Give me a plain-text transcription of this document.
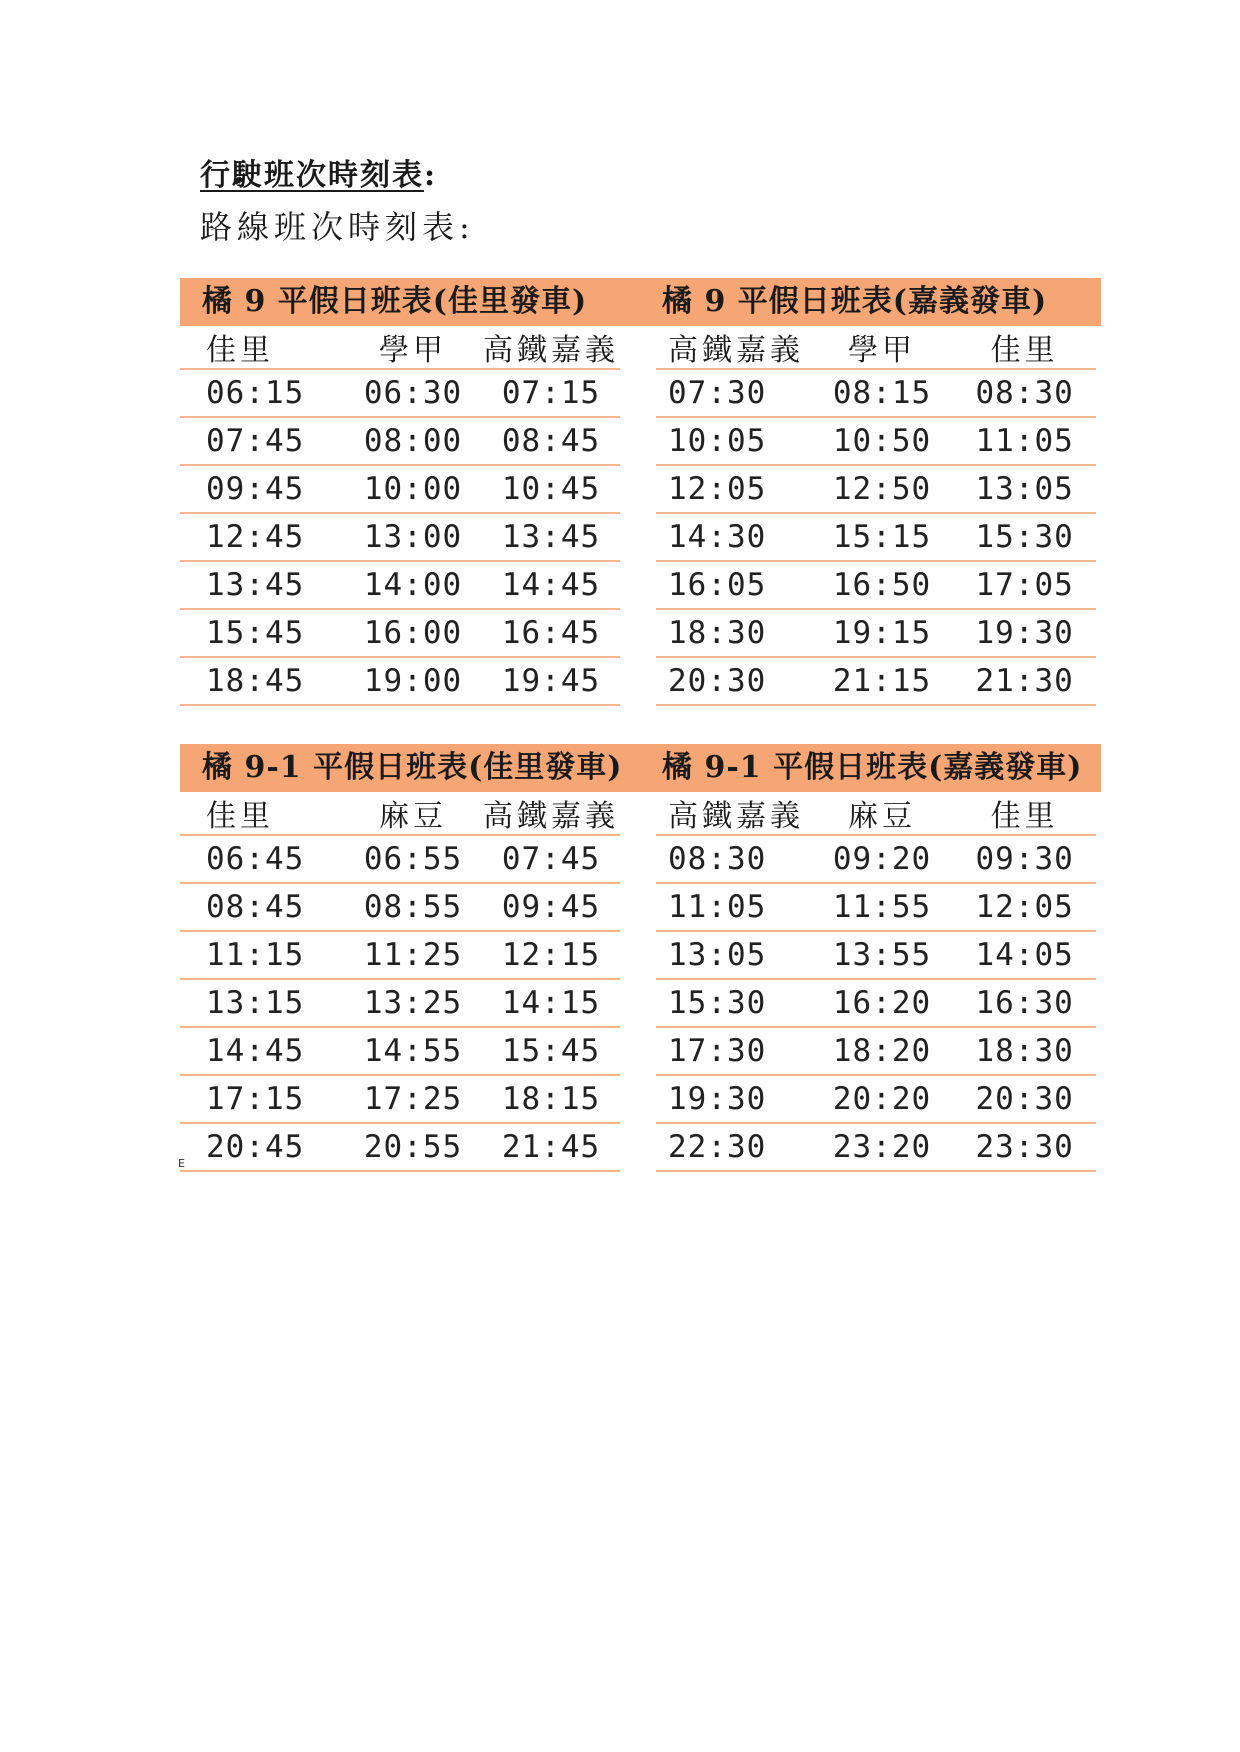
行駛班次時刻表:
路線班次時刻表:
橘 9 平假日班表(佳里發車)
佳里	學甲	高鐵嘉義
06:15	06:30	07:15
07:45	08:00	08:45
09:45	10:00	10:45
12:45	13:00	13:45
13:45	14:00	14:45
15:45	16:00	16:45
18:45	19:00	19:45
橘 9 平假日班表(嘉義發車)
高鐵嘉義	學甲	佳里
07:30	08:15	08:30
10:05	10:50	11:05
12:05	12:50	13:05
14:30	15:15	15:30
16:05	16:50	17:05
18:30	19:15	19:30
20:30	21:15	21:30
橘 9-1 平假日班表(佳里發車)
佳里	麻豆	高鐵嘉義
06:45	06:55	07:45
08:45	08:55	09:45
11:15	11:25	12:15
13:15	13:25	14:15
14:45	14:55	15:45
17:15	17:25	18:15
20:45	20:55	21:45
橘 9-1 平假日班表(嘉義發車)
高鐵嘉義	麻豆	佳里
08:30	09:20	09:30
11:05	11:55	12:05
13:05	13:55	14:05
15:30	16:20	16:30
17:30	18:20	18:30
19:30	20:20	20:30
22:30	23:20	23:30
E
